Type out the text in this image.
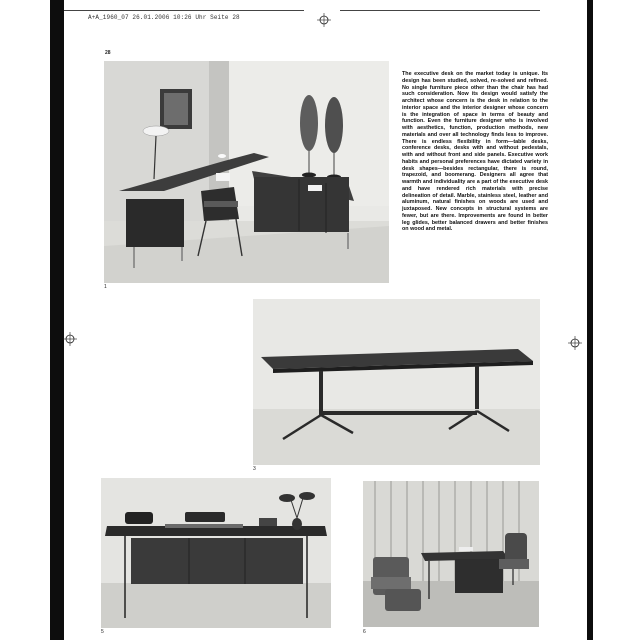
A+A_1960_07 26.01.2006 10:26 Uhr Seite 28
28
1
The executive desk on the market today is unique. Its design has been studied, solved, re-solved and refined. No single furniture piece other than the chair has had such consideration. Now its design would satisfy the architect whose concern is the desk in relation to the interior space and the interior designer whose concern is the integration of space in terms of beauty and function. Even the furniture designer who is involved with aesthetics, function, production methods, new materials and over all technology finds less to improve. There is endless flexibility in form—table desks, conference desks, desks with and without pedestals, with and without front and side panels. Executive work habits and personal preferences have dictated variety in desk shapes—besides rectangular, there is round, trapezoid, and boomerang. Designers all agree that warmth and individuality are a part of the executive desk and have rendered rich materials with precise delineation of detail. Marble, stainless steel, leather and aluminum, natural finishes on woods are used and juxtaposed. New concepts in structural systems are fewer, but are there. Improvements are found in better leg glides, better balanced drawers and better finishes on wood and metal.
3
5	6
